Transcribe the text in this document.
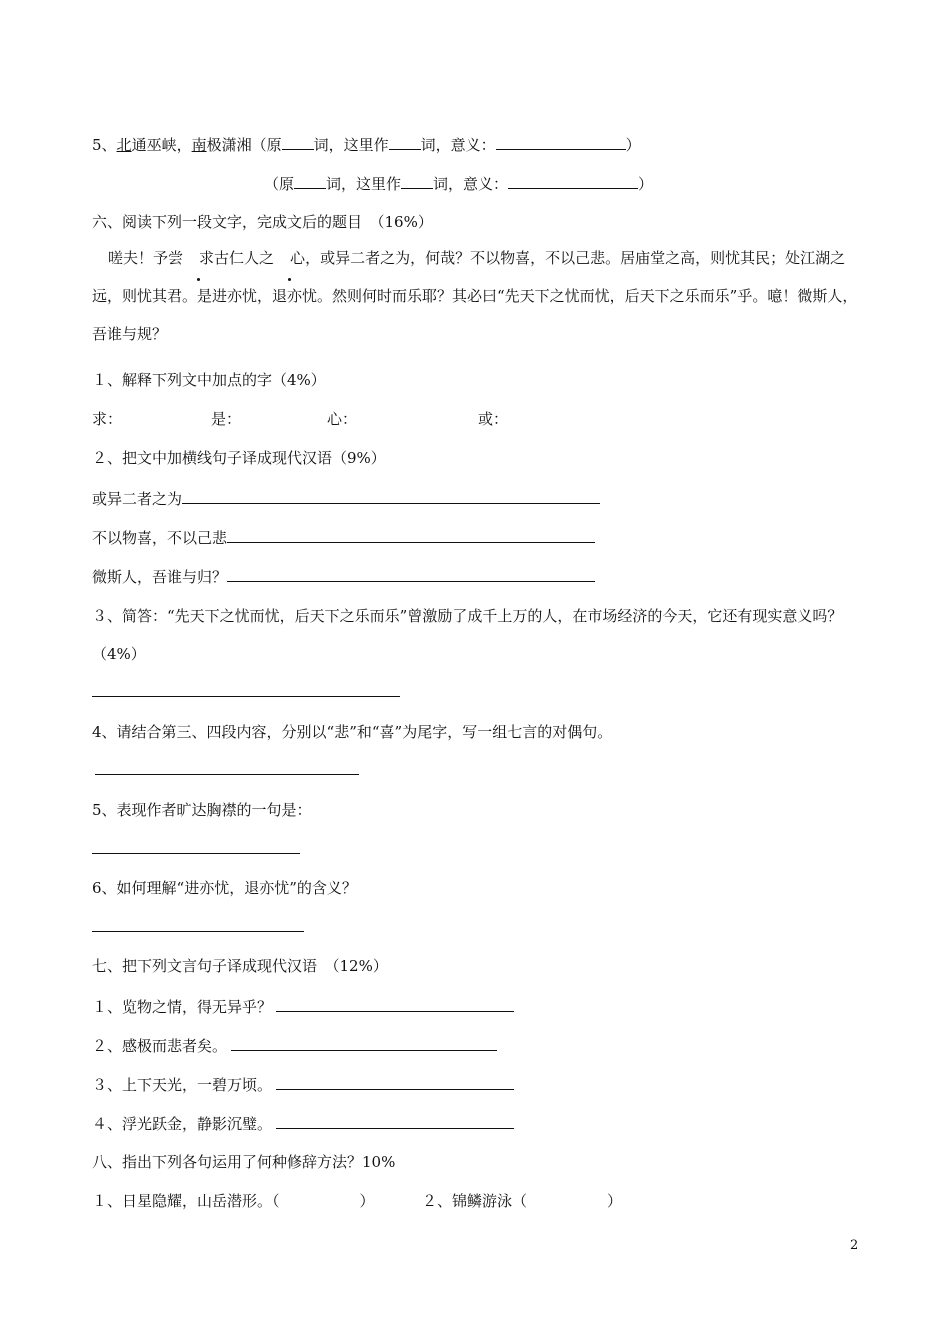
5、北通巫峡，南极潇湘（原 词，这里作 词，意义：	）
（原 词，这里作 词，意义：	）
六、阅读下列一段文字，完成文后的题目　（16%）
嗟夫！予尝 求古仁人之 心，或异二者之为，何哉？不以物喜，不以己悲。居庙堂之高，则忧其民；处江湖之远，则忧其君。是进亦忧，退亦忧。然则何时而乐耶？其必曰“先天下之忧而忧，后天下之乐而乐”乎。噫！微斯人，吾谁与规？
１、解释下列文中加点的字（4%）
求：	是：	心：	或：
２、把文中加横线句子译成现代汉语（9%）
或异二者之为
不以物喜，不以己悲
微斯人，吾谁与归？
３、简答：“先天下之忧而忧，后天下之乐而乐”曾激励了成千上万的人，在市场经济的今天，它还有现实意义吗？（4%）
4、请结合第三、四段内容，分别以“悲”和“喜”为尾字，写一组七言的对偶句。
5、表现作者旷达胸襟的一句是：
6、如何理解“进亦忧，退亦忧”的含义？
七、把下列文言句子译成现代汉语　（12%）
１、览物之情，得无异乎？
２、感极而悲者矣。
３、上下天光，一碧万顷。
４、浮光跃金，静影沉璧。
八、指出下列各句运用了何种修辞方法？10%
１、日星隐耀，山岳潜形。（	）	２、锦鳞游泳（	）
2
